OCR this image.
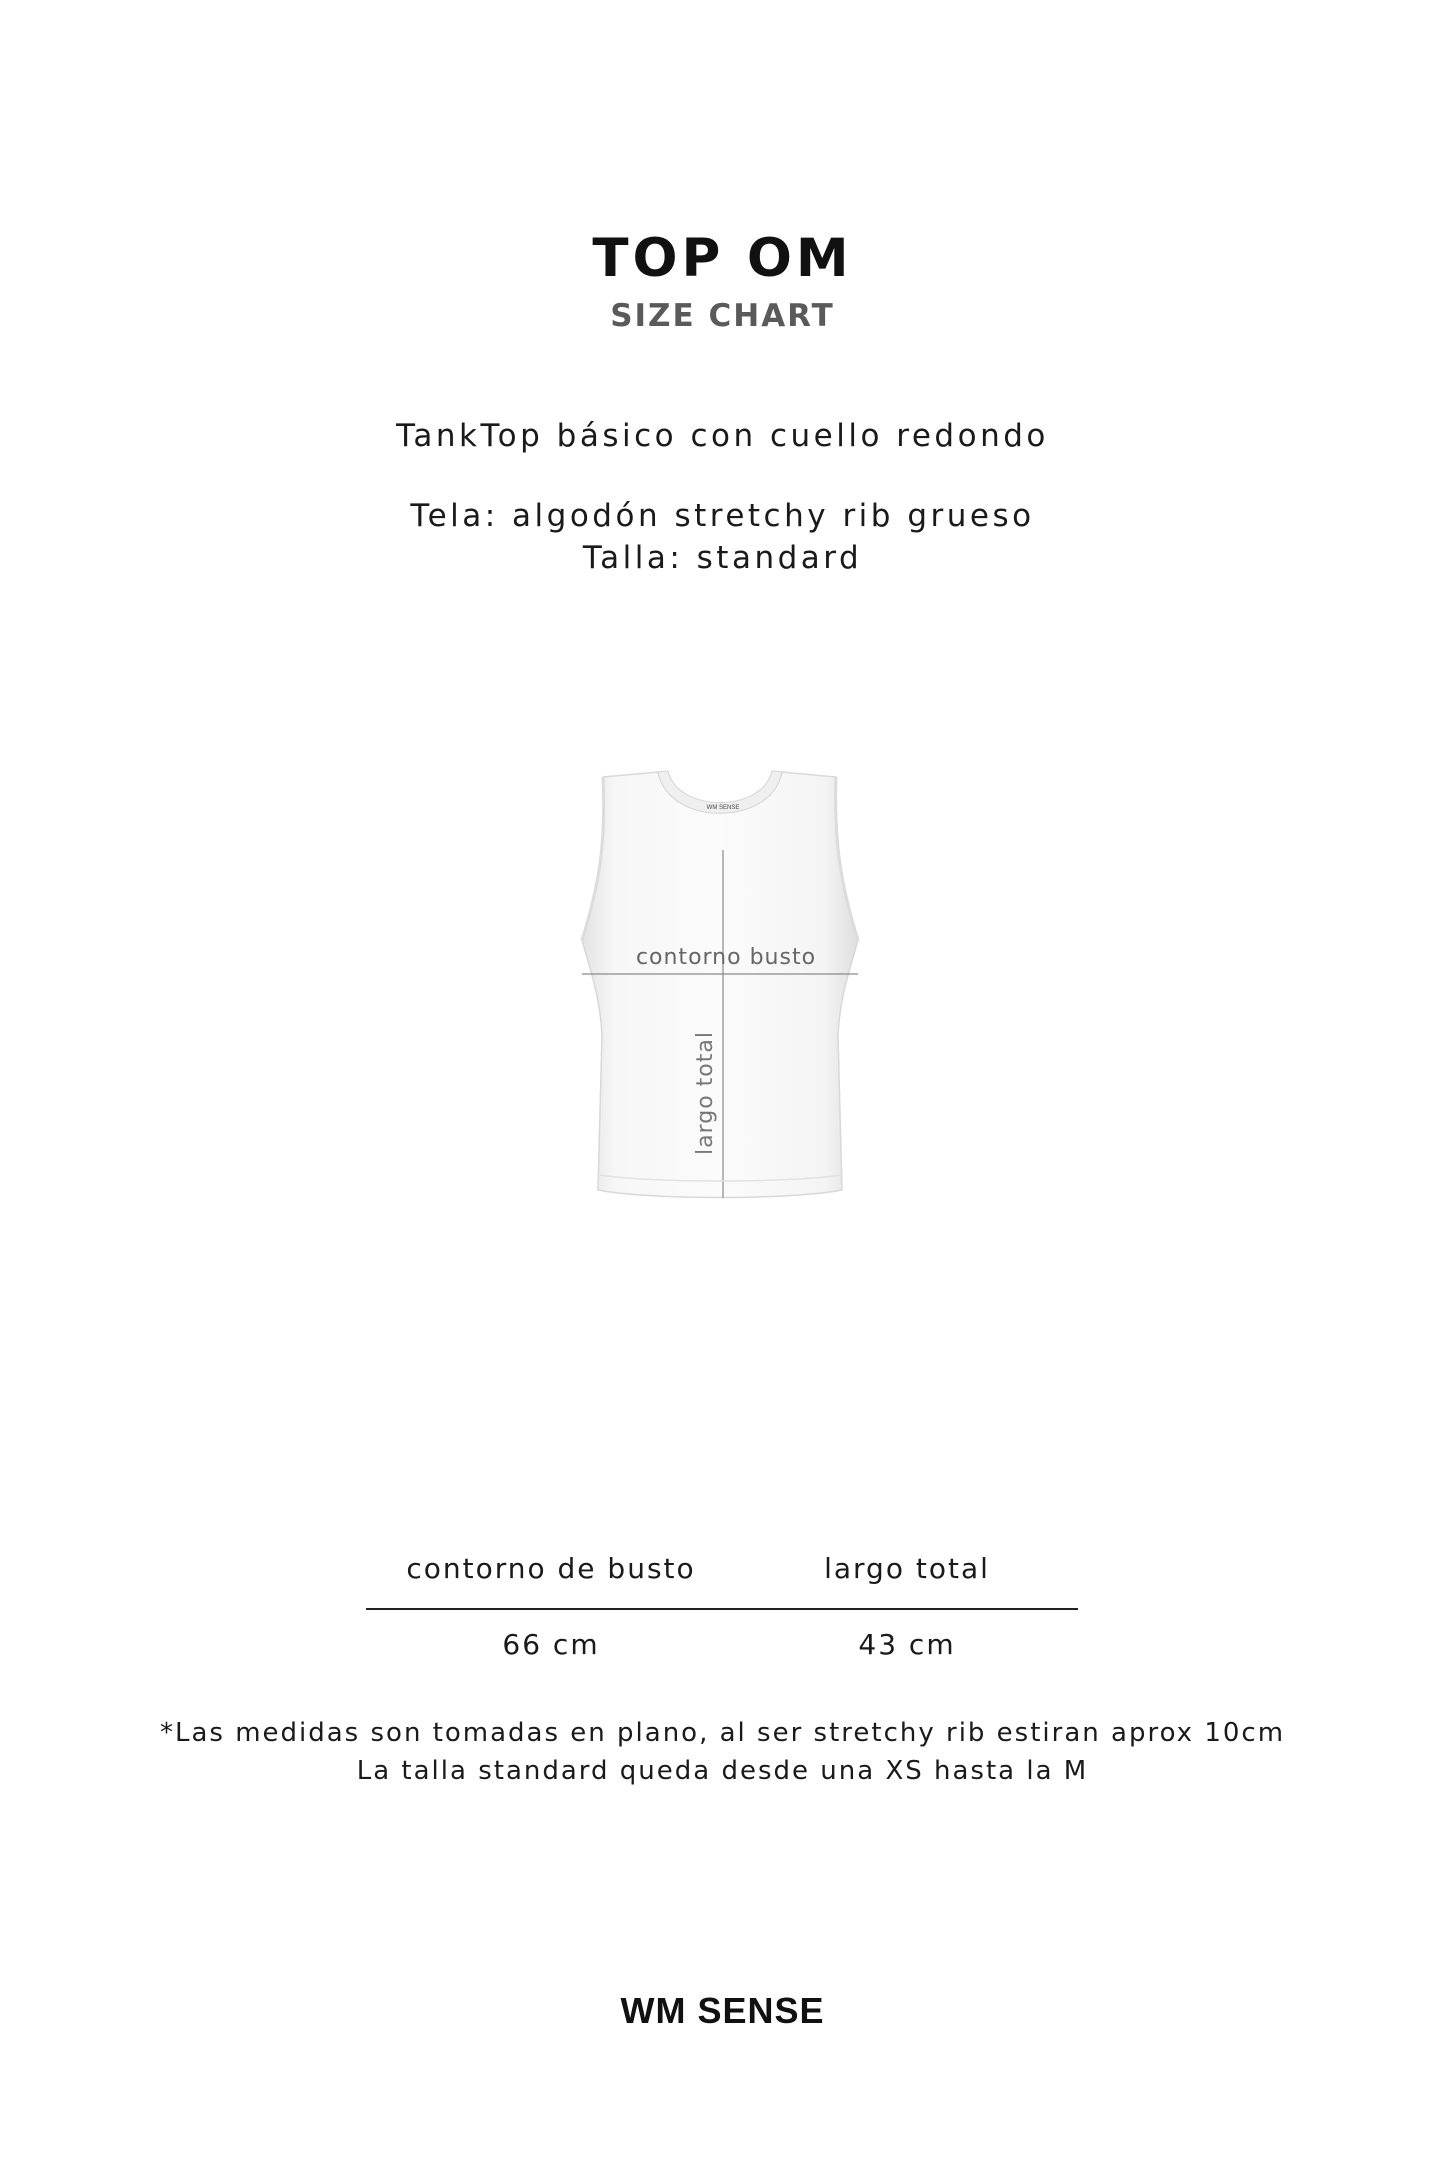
TOP OM
SIZE CHART
TankTop básico con cuello redondo
Tela: algodón stretchy rib grueso
Talla: standard
WM SENSE
contorno busto
largo total
contorno de busto	largo total
66 cm	43 cm
*Las medidas son tomadas en plano, al ser stretchy rib estiran aprox 10cm
La talla standard queda desde una XS hasta la M
WM SENSE
